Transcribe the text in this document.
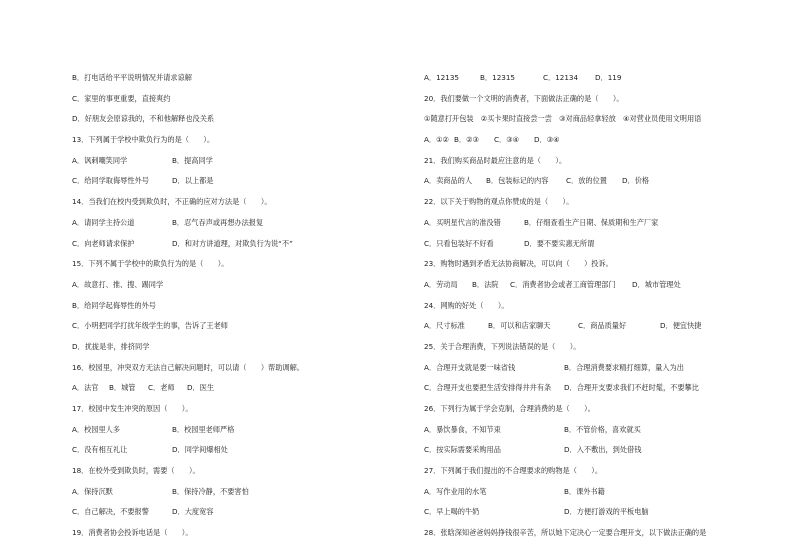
B．打电话给平平说明情况并请求谅解
C．家里的事更重要，直接爽约
D．好朋友会原谅我的，不和他解释也没关系
13．下列属于学校中欺负行为的是（　　）。
A．讽刺嘲笑同学	B．提高同学
C．给同学取侮辱性外号	D．以上都是
14．当我们在校内受到欺负时，不正确的应对方法是（　　）。
A．请同学主持公道	B．忍气吞声或再想办法报复
C．向老师请求保护	D．和对方讲道理，对欺负行为说“不”
15．下列不属于学校中的欺负行为的是（　　）。
A．故意打、推、搜、踢同学
B．给同学起侮辱性的外号
C．小明把同学打扰年级学生的事，告诉了王老师
D．扰拢是非，排挤同学
16．校园里，冲突双方无法自己解决问题时，可以请（　　）帮助调解。
A．法官	B．城管	C．老师	D．医生
17．校园中发生冲突的原因（　　）。
A．校园里人多	B．校园里老师严格
C．没有相互礼让	D．同学间爆相处
18．在校外受到欺负时，需要（　　）。
A．保持沉默	B．保持冷静，不要害怕
C．自己解决，不要报警	D．大度宽容
19．消费者协会投诉电话是（　　）。
A．12135	B．12315	C．12134	D．119
20．我们要做一个文明的消费者，下面做法正确的是（　　）。
①随意打开包装　②买卡果时直接尝一尝　③对商品轻拿轻放　④对营业员使用文明用语
A．①② B．②③	C．③④	D．③④
21．我们购买商品时最应注意的是（　　）。
A．卖商品的人	B．包装标记的内容	C．放的位置	D．价格
22．以下关于购物的观点你赞成的是（　　）。
A．买明星代言的准没错	B．仔细查看生产日期、保质期和生产厂家
C．只看包装好不好看	D．要不要实惠无所谓
23．购物时遇到矛盾无法协商解决，可以向（　　）投诉。
A．劳动局	B．法院	C．消费者协会或者工商管理部门	D．城市管理处
24．网购的好处（　　）。
A．尺寸标准	B．可以和店家聊天	C．商品质量好	D．便宜快捷
25．关于合理消费，下列说法错误的是（　　）。
A．合理开支就是要一味省钱	B．合理消费要求精打细算，量入为出
C．合理开支也要把生活安排得井井有条	D．合理开支要求我们不赶时髦，不要攀比
26．下列行为属于学会克制，合理消费的是（　　）。
A．暴饮暴食，不知节束	B．不管价格，喜欢就买
C．按实际需要采购用品	D．入不敷出，到处借钱
27．下列属于我们提出的不合理要求的购物是（　　）。
A．写作业用的水笔	B．课外书籍
C．早上喝的牛奶	D．方便打游戏的平板电脑
28．张晗深知爸爸妈妈挣钱很辛苦，所以她下定决心一定要合理开支，以下做法正确的是
